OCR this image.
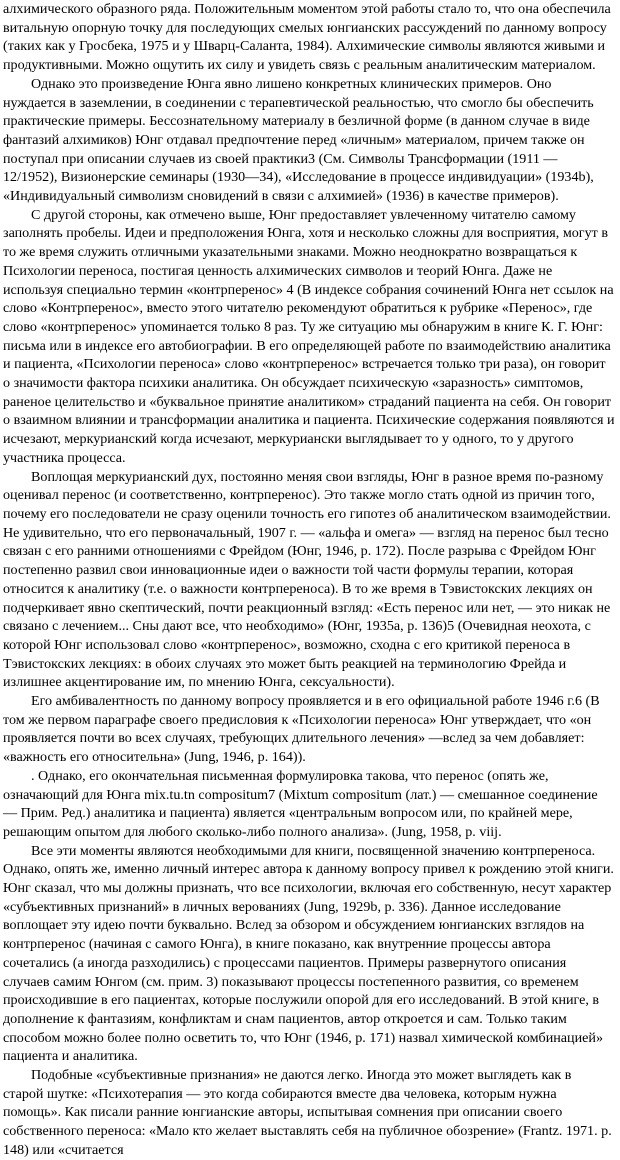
алхимического образного ряда. Положительным моментом этой работы стало то, что она обеспечила витальную опорную точку для последующих смелых юнгианских рассуждений по данному вопросу (таких как у Гросбека, 1975 и у Шварц-Саланта, 1984). Алхимические символы являются живыми и продуктивными. Можно ощутить их силу и увидеть связь с реальным аналитическим материалом.

Однако это произведение Юнга явно лишено конкретных клинических примеров. Оно нуждается в заземлении, в соединении с терапевтической реальностью, что смогло бы обеспечить практические примеры. Бессознательному материалу в безличной форме (в данном случае в виде фантазий алхимиков) Юнг отдавал предпочтение перед «личным» материалом, причем также он поступал при описании случаев из своей практики3 (См. Символы Трансформации (1911 — 12/1952), Визионерские семинары (1930—34), «Исследование в процессе индивидуации» (1934b), «Индивидуальный символизм сновидений в связи с алхимией» (1936) в качестве примеров).

С другой стороны, как отмечено выше, Юнг предоставляет увлеченному читателю самому заполнять пробелы. Идеи и предположения Юнга, хотя и несколько сложны для восприятия, могут в то же время служить отличными указательными знаками. Можно неоднократно возвращаться к Психологии переноса, постигая ценность алхимических символов и теорий Юнга. Даже не используя специально термин «контрперенос» 4 (В индексе собрания сочинений Юнга нет ссылок на слово «Контрперенос», вместо этого читателю рекомендуют обратиться к рубрике «Перенос», где слово «контрперенос» упоминается только 8 раз. Ту же ситуацию мы обнаружим в книге К. Г. Юнг: письма или в индексе его автобиографии. В его определяющей работе по взаимодействию аналитика и пациента, «Психологии переноса» слово «контрперенос» встречается только три раза), он говорит о значимости фактора психики аналитика. Он обсуждает психическую «заразность» симптомов, раненое целительство и «буквальное принятие аналитиком» страданий пациента на себя. Он говорит о взаимном влиянии и трансформации аналитика и пациента. Психические содержания появляются и исчезают, меркурианский когда исчезают, меркуриански выглядывает то у одного, то у другого участника процесса.

Воплощая меркурианский дух, постоянно меняя свои взгляды, Юнг в разное время по-разному оценивал перенос (и соответственно, контрперенос). Это также могло стать одной из причин того, почему его последователи не сразу оценили точность его гипотез об аналитическом взаимодействии. Не удивительно, что его первоначальный, 1907 г. — «альфа и омега» — взгляд на перенос был тесно связан с его ранними отношениями с Фрейдом (Юнг, 1946, р. 172). После разрыва с Фрейдом Юнг постепенно развил свои инновационные идеи о важности той части формулы терапии, которая относится к аналитику (т.е. о важности контрпереноса). В то же время в Тэвистокских лекциях он подчеркивает явно скептический, почти реакционный взгляд: «Есть перенос или нет, — это никак не связано с лечением... Сны дают все, что необходимо» (Юнг, 1935а, р. 136)5 (Очевидная неохота, с которой Юнг использовал слово «контрперенос», возможно, сходна с его критикой переноса в Тэвистокских лекциях: в обоих случаях это может быть реакцией на терминологию Фрейда и излишнее акцентирование им, по мнению Юнга, сексуальности).

Его амбивалентность по данному вопросу проявляется и в его официальной работе 1946 г.6 (В том же первом параграфе своего предисловия к «Психологии переноса» Юнг утверждает, что «он проявляется почти во всех случаях, требующих длительного лечения» —вслед за чем добавляет: «важность его относительна» (Jung, 1946, р. 164)).

. Однако, его окончательная письменная формулировка такова, что перенос (опять же, означающий для Юнга mix.tu.tn compositum7 (Mixtum compositum (лат.) — смешанное соединение — Прим. Ред.) аналитика и пациента) является «центральным вопросом или, по крайней мере, решающим опытом для любого сколько-либо полного анализа». (Jung, 1958, p. viij.

Все эти моменты являются необходимыми для книги, посвященной значению контрпереноса. Однако, опять же, именно личный интерес автора к данному вопросу привел к рождению этой книги. Юнг сказал, что мы должны признать, что все психологии, включая его собственную, несут характер «субъективных признаний» в личных верованиях (Jung, 1929b, р. 336). Данное исследование воплощает эту идею почти буквально. Вслед за обзором и обсуждением юнгианских взглядов на контрперенос (начиная с самого Юнга), в книге показано, как внутренние процессы автора сочетались (а иногда разходились) с процессами пациентов. Примеры развернутого описания случаев самим Юнгом (см. прим. 3) показывают процессы постепенного развития, со временем происходившие в его пациентах, которые послужили опорой для его исследований. В этой книге, в дополнение к фантазиям, конфликтам и снам пациентов, автор откроется и сам. Только таким способом можно более полно осветить то, что Юнг (1946, р. 171) назвал химической комбинацией» пациента и аналитика.

Подобные «субъективные признания» не даются легко. Иногда это может выглядеть как в старой шутке: «Психотерапия — это когда собираются вместе два человека, которым нужна помощь». Как писали ранние юнгианские авторы, испытывая сомнения при описании своего собственного переноса: «Мало кто желает выставлять себя на публичное обозрение» (Frantz. 1971. р. 148) или «считается
